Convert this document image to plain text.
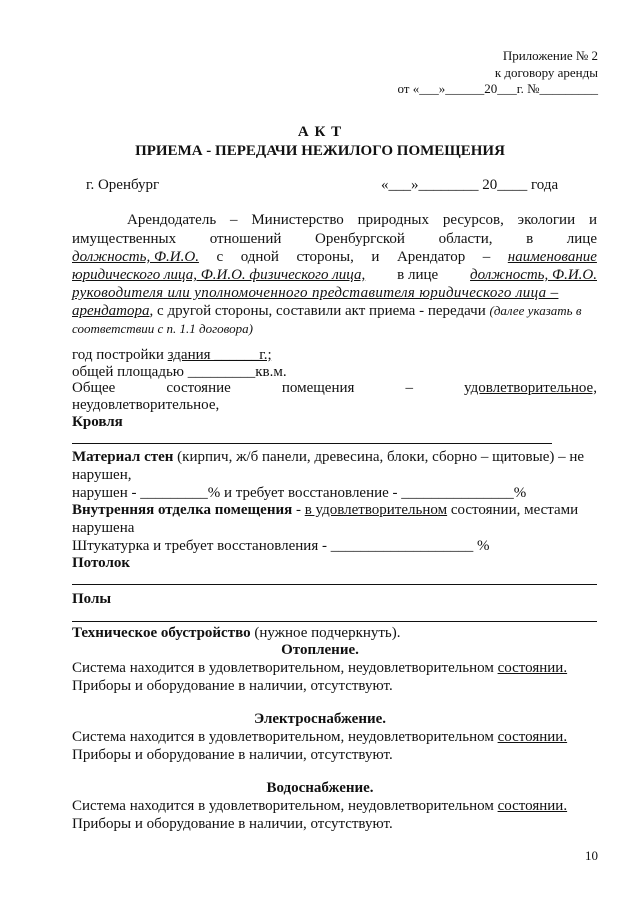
Приложение № 2
к договору аренды
от «___»______20___г. №_________
А К Т
ПРИЕМА - ПЕРЕДАЧИ НЕЖИЛОГО ПОМЕЩЕНИЯ
г. Оренбург	«___»________ 20____ года
Арендодатель – Министерство природных ресурсов, экологии и
имущественных отношений Оренбургской области, в лице
должность, Ф.И.О. с одной стороны, и Арендатор – наименование
юридического лица, Ф.И.О. физического лица, в лице должность, Ф.И.О.
руководителя или уполномоченного представителя юридического лица –
арендатора, с другой стороны, составили акт приема - передачи (далее указать в
соответствии с п. 1.1 договора)
год постройки здания ______г.;
общей площадью _________кв.м.
Общее	состояние	помещения	–	удовлетворительное,
неудовлетворительное,
Кровля
Материал стен (кирпич, ж/б панели, древесина, блоки, сборно – щитовые) – не
нарушен,
нарушен - _________% и требует восстановление - _______________%
Внутренняя отделка помещения - в удовлетворительном состоянии, местами
нарушена
Штукатурка и требует восстановления - ___________________ %
Потолок
Полы
Техническое обустройство (нужное подчеркнуть).
Отопление.
Система находится в удовлетворительном, неудовлетворительном состоянии.
Приборы и оборудование в наличии, отсутствуют.
Электроснабжение.
Система находится в удовлетворительном, неудовлетворительном состоянии.
Приборы и оборудование в наличии, отсутствуют.
Водоснабжение.
Система находится в удовлетворительном, неудовлетворительном состоянии.
Приборы и оборудование в наличии, отсутствуют.
10
